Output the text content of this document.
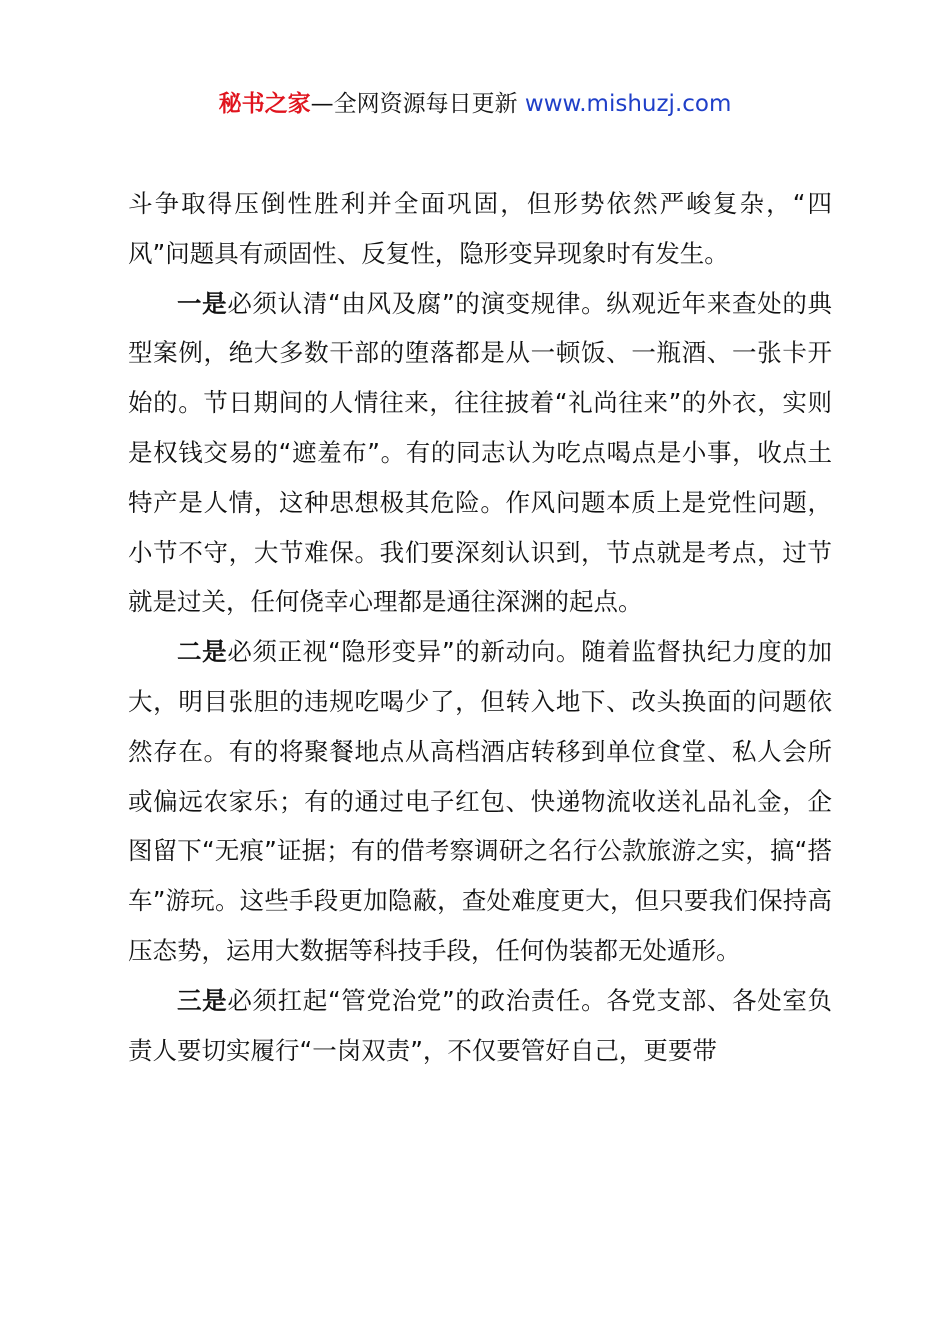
秘书之家—全网资源每日更新 www.mishuzj.com

斗争取得压倒性胜利并全面巩固，但形势依然严峻复杂，“四风”问题具有顽固性、反复性，隐形变异现象时有发生。

一是必须认清“由风及腐”的演变规律。纵观近年来查处的典型案例，绝大多数干部的堕落都是从一顿饭、一瓶酒、一张卡开始的。节日期间的人情往来，往往披着“礼尚往来”的外衣，实则是权钱交易的“遮羞布”。有的同志认为吃点喝点是小事，收点土特产是人情，这种思想极其危险。作风问题本质上是党性问题，小节不守，大节难保。我们要深刻认识到，节点就是考点，过节就是过关，任何侥幸心理都是通往深渊的起点。

二是必须正视“隐形变异”的新动向。随着监督执纪力度的加大，明目张胆的违规吃喝少了，但转入地下、改头换面的问题依然存在。有的将聚餐地点从高档酒店转移到单位食堂、私人会所或偏远农家乐；有的通过电子红包、快递物流收送礼品礼金，企图留下“无痕”证据；有的借考察调研之名行公款旅游之实，搞“搭车”游玩。这些手段更加隐蔽，查处难度更大，但只要我们保持高压态势，运用大数据等科技手段，任何伪装都无处遁形。

三是必须扛起“管党治党”的政治责任。各党支部、各处室负责人要切实履行“一岗双责”，不仅要管好自己，更要带
